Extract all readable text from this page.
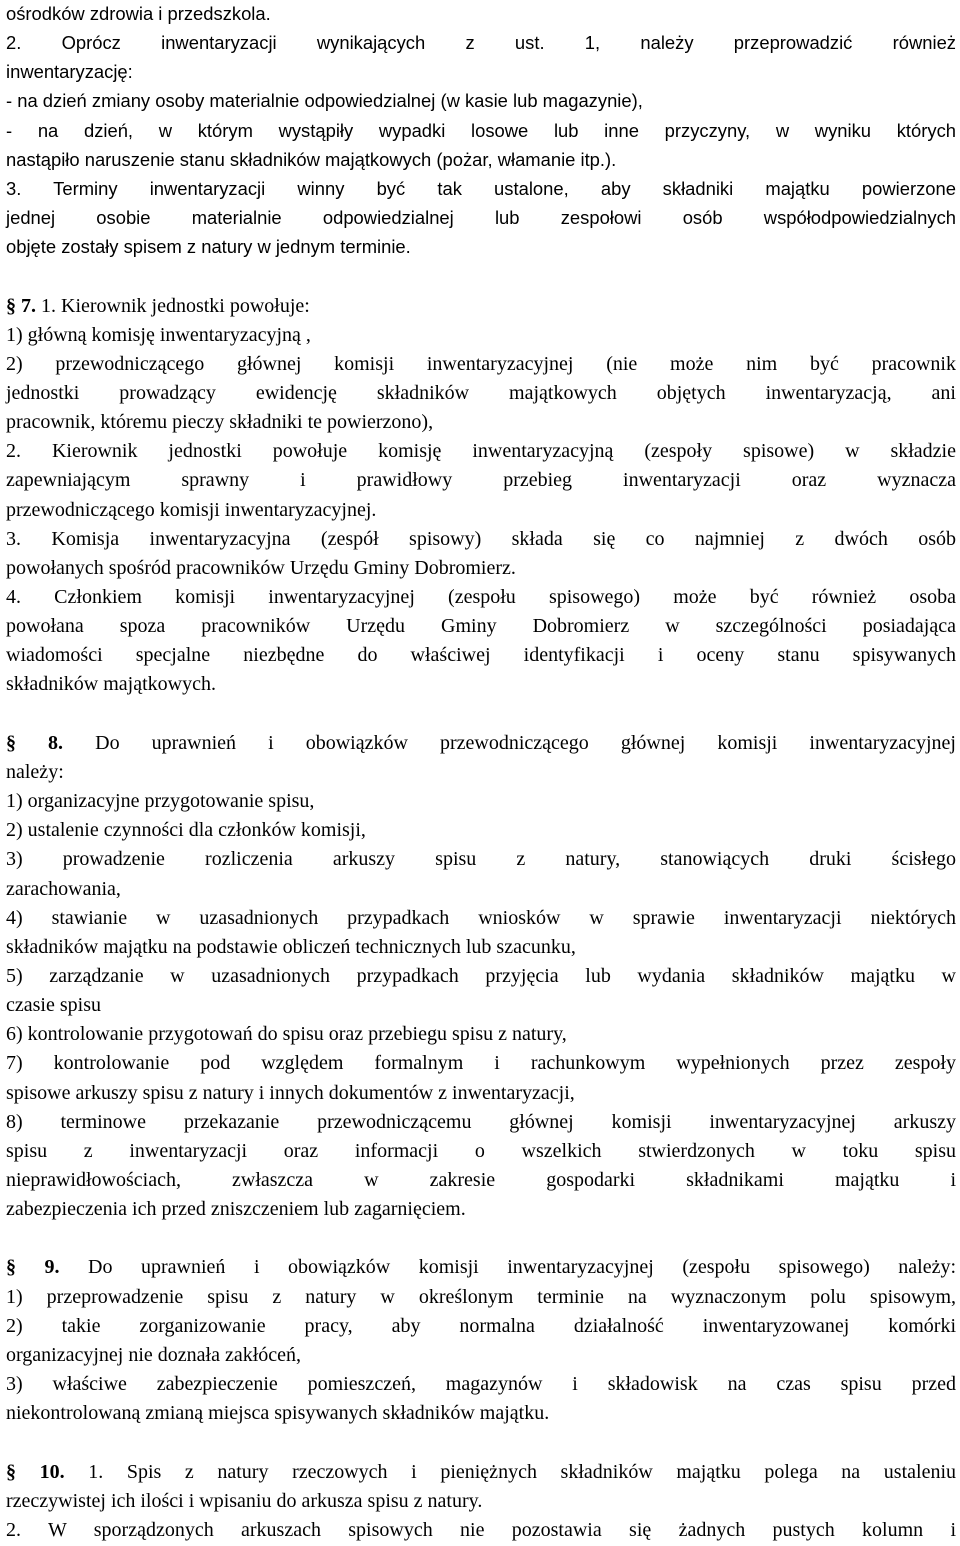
ośrodków zdrowia i przedszkola.
2. Oprócz inwentaryzacji wynikających z ust. 1, należy przeprowadzić również
inwentaryzację:
- na dzień zmiany osoby materialnie odpowiedzialnej (w kasie lub magazynie),
- na dzień, w którym wystąpiły wypadki losowe lub inne przyczyny, w wyniku których
nastąpiło naruszenie stanu składników majątkowych (pożar, włamanie itp.).
3. Terminy inwentaryzacji winny być tak ustalone, aby składniki majątku powierzone
jednej osobie materialnie odpowiedzialnej lub zespołowi osób współodpowiedzialnych
objęte zostały spisem z natury w jednym terminie.
§ 7. 1. Kierownik jednostki powołuje:
1) główną komisję inwentaryzacyjną ,
2) przewodniczącego głównej komisji inwentaryzacyjnej (nie może nim być pracownik
jednostki prowadzący ewidencję składników majątkowych objętych inwentaryzacją, ani
pracownik, któremu pieczy składniki te powierzono),
2. Kierownik jednostki powołuje komisję inwentaryzacyjną (zespoły spisowe) w składzie
zapewniającym sprawny i prawidłowy przebieg inwentaryzacji oraz wyznacza
przewodniczącego komisji inwentaryzacyjnej.
3. Komisja inwentaryzacyjna (zespół spisowy) składa się co najmniej z dwóch osób
powołanych spośród pracowników Urzędu Gminy Dobromierz.
4. Członkiem komisji inwentaryzacyjnej (zespołu spisowego) może być również osoba
powołana spoza pracowników Urzędu Gminy Dobromierz w szczególności posiadająca
wiadomości specjalne niezbędne do właściwej identyfikacji i oceny stanu spisywanych
składników majątkowych.
§ 8. Do uprawnień i obowiązków przewodniczącego głównej komisji inwentaryzacyjnej
należy:
1) organizacyjne przygotowanie spisu,
2) ustalenie czynności dla członków komisji,
3) prowadzenie rozliczenia arkuszy spisu z natury, stanowiących druki ścisłego
zarachowania,
4) stawianie w uzasadnionych przypadkach wniosków w sprawie inwentaryzacji niektórych
składników majątku na podstawie obliczeń technicznych lub szacunku,
5) zarządzanie w uzasadnionych przypadkach przyjęcia lub wydania składników majątku w
czasie spisu
6) kontrolowanie przygotowań do spisu oraz przebiegu spisu z natury,
7) kontrolowanie pod względem formalnym i rachunkowym wypełnionych przez zespoły
spisowe arkuszy spisu z natury i innych dokumentów z inwentaryzacji,
8) terminowe przekazanie przewodniczącemu głównej komisji inwentaryzacyjnej arkuszy
spisu z inwentaryzacji oraz informacji o wszelkich stwierdzonych w toku spisu
nieprawidłowościach, zwłaszcza w zakresie gospodarki składnikami majątku i
zabezpieczenia ich przed zniszczeniem lub zagarnięciem.
§ 9. Do uprawnień i obowiązków komisji inwentaryzacyjnej (zespołu spisowego) należy:
1) przeprowadzenie spisu z natury w określonym terminie na wyznaczonym polu spisowym,
2) takie zorganizowanie pracy, aby normalna działalność inwentaryzowanej komórki
organizacyjnej nie doznała zakłóceń,
3) właściwe zabezpieczenie pomieszczeń, magazynów i składowisk na czas spisu przed
niekontrolowaną zmianą miejsca spisywanych składników majątku.
§ 10. 1. Spis z natury rzeczowych i pieniężnych składników majątku polega na ustaleniu
rzeczywistej ich ilości i wpisaniu do arkusza spisu z natury.
2. W sporządzonych arkuszach spisowych nie pozostawia się żadnych pustych kolumn i
